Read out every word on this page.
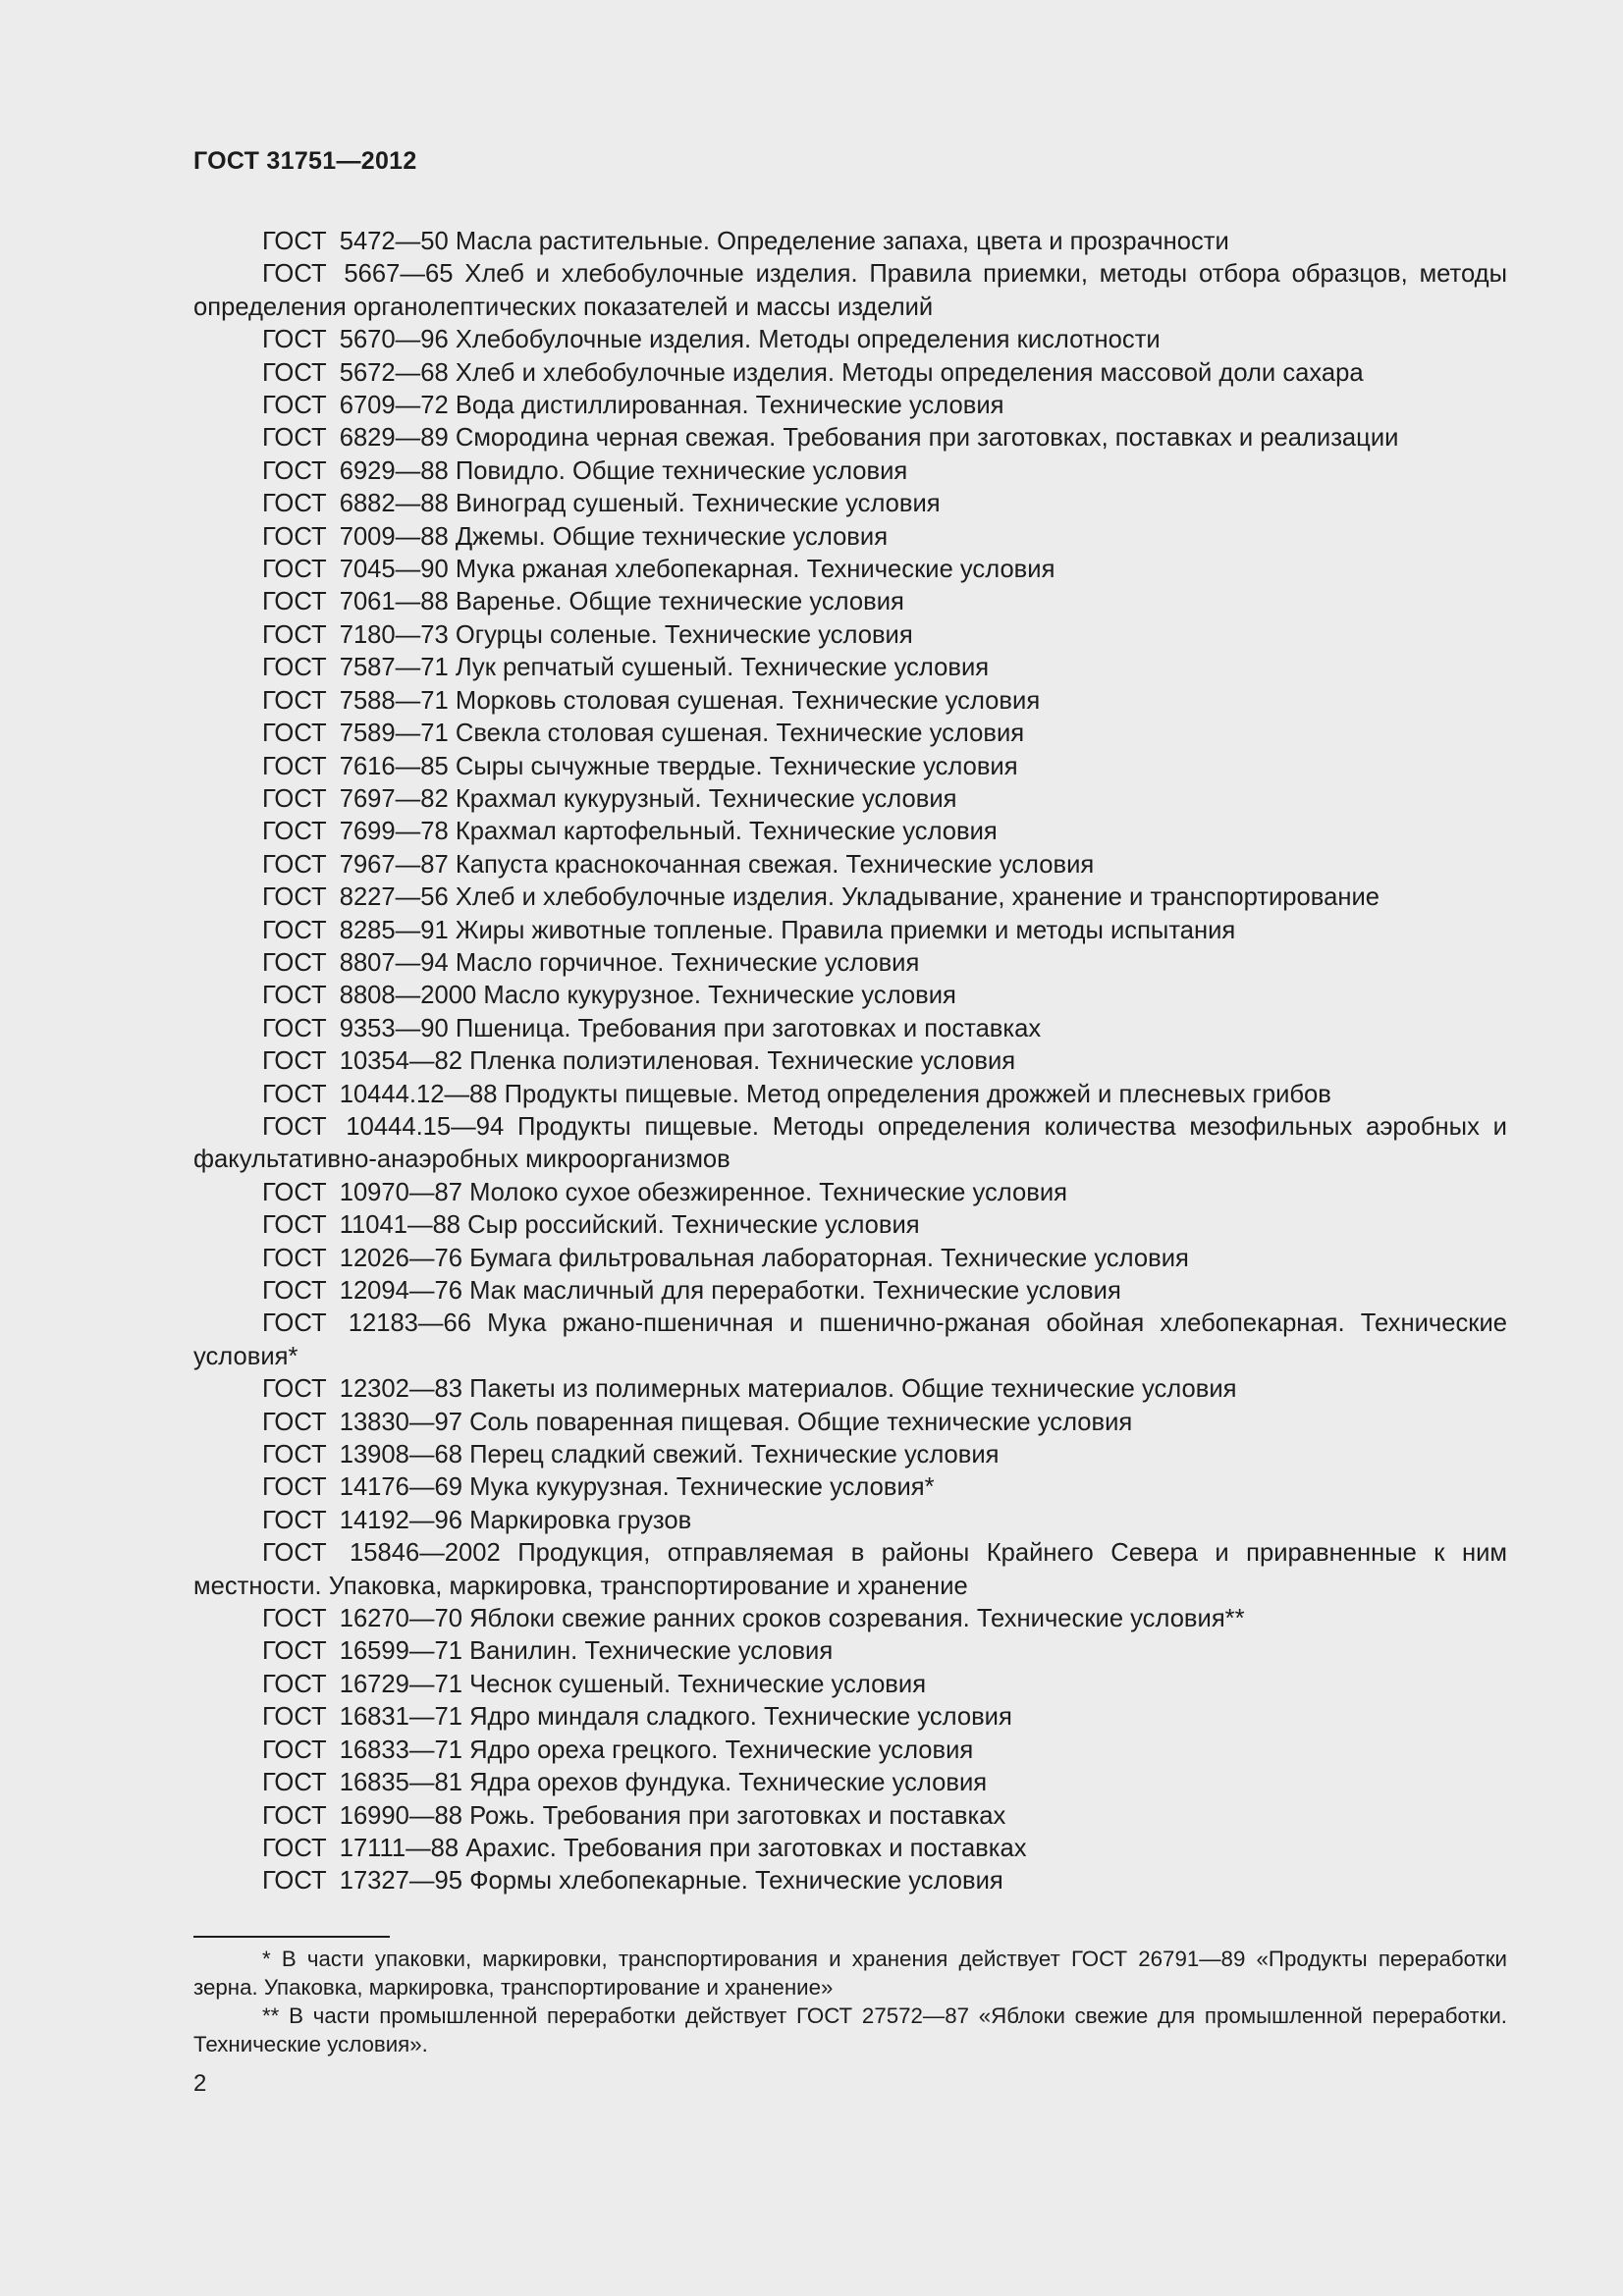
ГОСТ 31751—2012

ГОСТ 5472—50 Масла растительные. Определение запаха, цвета и прозрачности

ГОСТ 5667—65 Хлеб и хлебобулочные изделия. Правила приемки, методы отбора образцов, методы определения органолептических показателей и массы изделий

ГОСТ 5670—96 Хлебобулочные изделия. Методы определения кислотности

ГОСТ 5672—68 Хлеб и хлебобулочные изделия. Методы определения массовой доли сахара

ГОСТ 6709—72 Вода дистиллированная. Технические условия

ГОСТ 6829—89 Смородина черная свежая. Требования при заготовках, поставках и реализации

ГОСТ 6929—88 Повидло. Общие технические условия

ГОСТ 6882—88 Виноград сушеный. Технические условия

ГОСТ 7009—88 Джемы. Общие технические условия

ГОСТ 7045—90 Мука ржаная хлебопекарная. Технические условия

ГОСТ 7061—88 Варенье. Общие технические условия

ГОСТ 7180—73 Огурцы соленые. Технические условия

ГОСТ 7587—71 Лук репчатый сушеный. Технические условия

ГОСТ 7588—71 Морковь столовая сушеная. Технические условия

ГОСТ 7589—71 Свекла столовая сушеная. Технические условия

ГОСТ 7616—85 Сыры сычужные твердые. Технические условия

ГОСТ 7697—82 Крахмал кукурузный. Технические условия

ГОСТ 7699—78 Крахмал картофельный. Технические условия

ГОСТ 7967—87 Капуста краснокочанная свежая. Технические условия

ГОСТ 8227—56 Хлеб и хлебобулочные изделия. Укладывание, хранение и транспортирование

ГОСТ 8285—91 Жиры животные топленые. Правила приемки и методы испытания

ГОСТ 8807—94 Масло горчичное. Технические условия

ГОСТ 8808—2000 Масло кукурузное. Технические условия

ГОСТ 9353—90 Пшеница. Требования при заготовках и поставках

ГОСТ 10354—82 Пленка полиэтиленовая. Технические условия

ГОСТ 10444.12—88 Продукты пищевые. Метод определения дрожжей и плесневых грибов

ГОСТ 10444.15—94 Продукты пищевые. Методы определения количества мезофильных аэробных и факультативно-анаэробных микроорганизмов

ГОСТ 10970—87 Молоко сухое обезжиренное. Технические условия

ГОСТ 11041—88 Сыр российский. Технические условия

ГОСТ 12026—76 Бумага фильтровальная лабораторная. Технические условия

ГОСТ 12094—76 Мак масличный для переработки. Технические условия

ГОСТ 12183—66 Мука ржано-пшеничная и пшенично-ржаная обойная хлебопекарная. Технические условия*

ГОСТ 12302—83 Пакеты из полимерных материалов. Общие технические условия

ГОСТ 13830—97 Соль поваренная пищевая. Общие технические условия

ГОСТ 13908—68 Перец сладкий свежий. Технические условия

ГОСТ 14176—69 Мука кукурузная. Технические условия*

ГОСТ 14192—96 Маркировка грузов

ГОСТ 15846—2002 Продукция, отправляемая в районы Крайнего Севера и приравненные к ним местности. Упаковка, маркировка, транспортирование и хранение

ГОСТ 16270—70 Яблоки свежие ранних сроков созревания. Технические условия**

ГОСТ 16599—71 Ванилин. Технические условия

ГОСТ 16729—71 Чеснок сушеный. Технические условия

ГОСТ 16831—71 Ядро миндаля сладкого. Технические условия

ГОСТ 16833—71 Ядро ореха грецкого. Технические условия

ГОСТ 16835—81 Ядра орехов фундука. Технические условия

ГОСТ 16990—88 Рожь. Требования при заготовках и поставках

ГОСТ 17111—88 Арахис. Требования при заготовках и поставках

ГОСТ 17327—95 Формы хлебопекарные. Технические условия

* В части упаковки, маркировки, транспортирования и хранения действует ГОСТ 26791—89 «Продукты переработки зерна. Упаковка, маркировка, транспортирование и хранение»

** В части промышленной переработки действует ГОСТ 27572—87 «Яблоки свежие для промышленной переработки. Технические условия».

2
